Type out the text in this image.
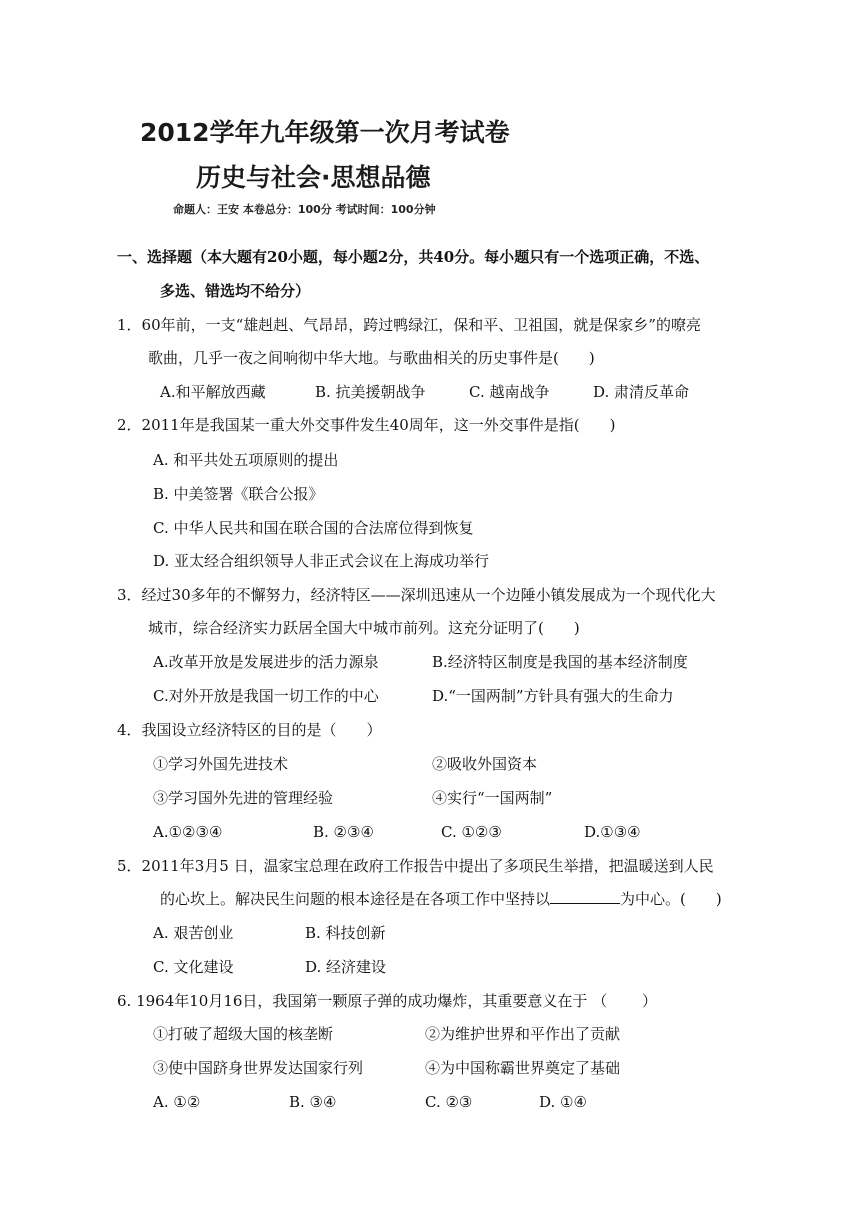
2012学年九年级第一次月考试卷
历史与社会·思想品德
命题人：王安 本卷总分：100分 考试时间：100分钟
一、选择题（本大题有20小题，每小题2分，共40分。每小题只有一个选项正确，不选、
多选、错选均不给分）
1．60年前，一支“雄赳赳、气昂昂，跨过鸭绿江，保和平、卫祖国，就是保家乡”的嘹亮
歌曲，几乎一夜之间响彻中华大地。与歌曲相关的历史事件是(　　)
A.和平解放西藏	B. 抗美援朝战争	C. 越南战争	D. 肃清反革命
2．2011年是我国某一重大外交事件发生40周年，这一外交事件是指(　　)
A. 和平共处五项原则的提出
B. 中美签署《联合公报》
C. 中华人民共和国在联合国的合法席位得到恢复
D. 亚太经合组织领导人非正式会议在上海成功举行
3．经过30多年的不懈努力，经济特区——深圳迅速从一个边陲小镇发展成为一个现代化大
城市，综合经济实力跃居全国大中城市前列。这充分证明了(　　)
A.改革开放是发展进步的活力源泉	B.经济特区制度是我国的基本经济制度
C.对外开放是我国一切工作的中心	D.“一国两制”方针具有强大的生命力
4．我国设立经济特区的目的是（　　）
①学习外国先进技术	②吸收外国资本
③学习国外先进的管理经验	④实行“一国两制”
A.①②③④	B. ②③④	C. ①②③	D.①③④
5．2011年3月5 日，温家宝总理在政府工作报告中提出了多项民生举措，把温暖送到人民
的心坎上。解决民生问题的根本途径是在各项工作中坚持以	为中心。(　　)
A. 艰苦创业	B. 科技创新
C. 文化建设	D. 经济建设
6. 1964年10月16日，我国第一颗原子弹的成功爆炸，其重要意义在于 （　　 ）
①打破了超级大国的核垄断	②为维护世界和平作出了贡献
③使中国跻身世界发达国家行列	④为中国称霸世界奠定了基础
A. ①②	B. ③④	C. ②③	D. ①④
